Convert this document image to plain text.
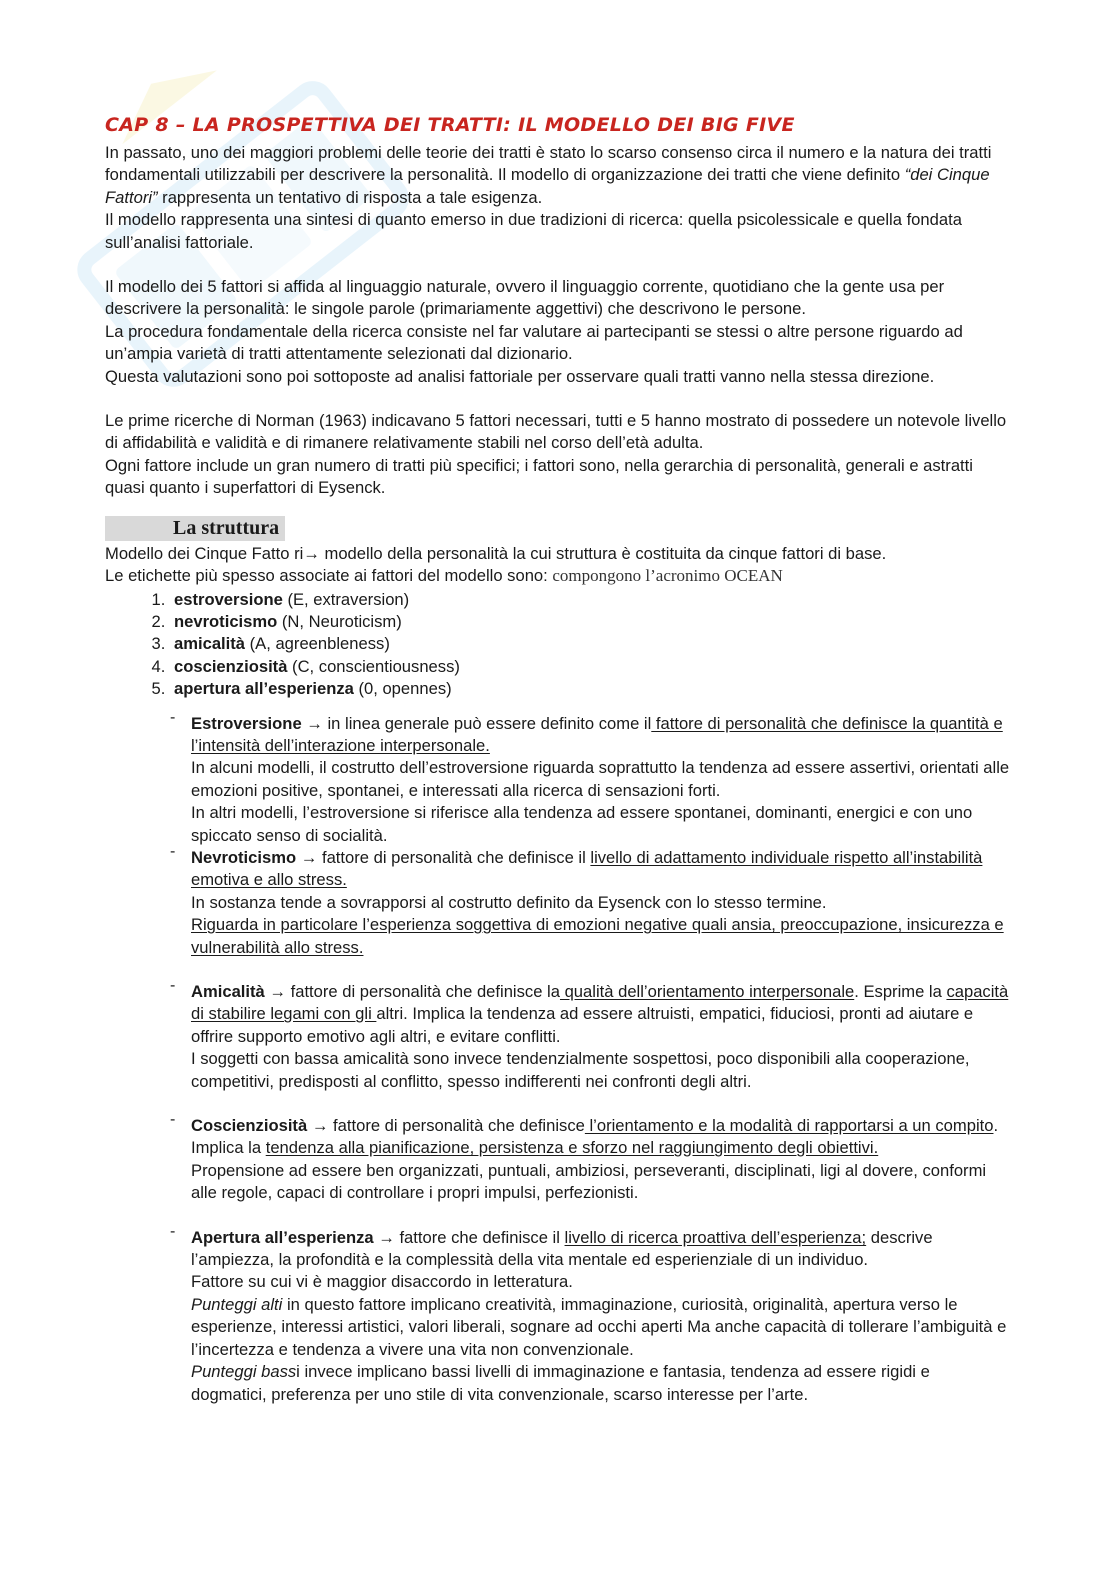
CAP 8 – LA PROSPETTIVA DEI TRATTI: IL MODELLO DEI BIG FIVE

In passato, uno dei maggiori problemi delle teorie dei tratti è stato lo scarso consenso circa il numero e la natura dei tratti fondamentali utilizzabili per descrivere la personalità. Il modello di organizzazione dei tratti che viene definito “dei Cinque Fattori” rappresenta un tentativo di risposta a tale esigenza.

Il modello rappresenta una sintesi di quanto emerso in due tradizioni di ricerca: quella psicolessicale e quella fondata sull’analisi fattoriale.

Il modello dei 5 fattori si affida al linguaggio naturale, ovvero il linguaggio corrente, quotidiano che la gente usa per descrivere la personalità: le singole parole (primariamente aggettivi) che descrivono le persone.

La procedura fondamentale della ricerca consiste nel far valutare ai partecipanti se stessi o altre persone riguardo ad un’ampia varietà di tratti attentamente selezionati dal dizionario.

Questa valutazioni sono poi sottoposte ad analisi fattoriale per osservare quali tratti vanno nella stessa direzione.

Le prime ricerche di Norman (1963) indicavano 5 fattori necessari, tutti e 5 hanno mostrato di possedere un notevole livello di affidabilità e validità e di rimanere relativamente stabili nel corso dell’età adulta.

Ogni fattore include un gran numero di tratti più specifici; i fattori sono, nella gerarchia di personalità, generali e astratti quasi quanto i superfattori di Eysenck.

La struttura

Modello dei Cinque Fatto ri→ modello della personalità la cui struttura è costituita da cinque fattori di base.

Le etichette più spesso associate ai fattori del modello sono: compongono l’acronimo OCEAN

1. estroversione (E, extraversion)
2. nevroticismo (N, Neuroticism)
3. amicalità (A, agreenbleness)
4. coscienziosità (C, conscientiousness)
5. apertura all’esperienza (0, opennes)

- Estroversione → in linea generale può essere definito come il fattore di personalità che definisce la quantità e l’intensità dell’interazione interpersonale.

In alcuni modelli, il costrutto dell’estroversione riguarda soprattutto la tendenza ad essere assertivi, orientati alle emozioni positive, spontanei, e interessati alla ricerca di sensazioni forti.

In altri modelli, l’estroversione si riferisce alla tendenza ad essere spontanei, dominanti, energici e con uno spiccato senso di socialità.

- Nevroticismo → fattore di personalità che definisce il livello di adattamento individuale rispetto all’instabilità emotiva e allo stress.

In sostanza tende a sovrapporsi al costrutto definito da Eysenck con lo stesso termine.

Riguarda in particolare l’esperienza soggettiva di emozioni negative quali ansia, preoccupazione, insicurezza e vulnerabilità allo stress.

- Amicalità → fattore di personalità che definisce la qualità dell’orientamento interpersonale. Esprime la capacità di stabilire legami con gli altri. Implica la tendenza ad essere altruisti, empatici, fiduciosi, pronti ad aiutare e offrire supporto emotivo agli altri, e evitare conflitti.

I soggetti con bassa amicalità sono invece tendenzialmente sospettosi, poco disponibili alla cooperazione, competitivi, predisposti al conflitto, spesso indifferenti nei confronti degli altri.

- Coscienziosità → fattore di personalità che definisce l’orientamento e la modalità di rapportarsi a un compito. Implica la tendenza alla pianificazione, persistenza e sforzo nel raggiungimento degli obiettivi.

Propensione ad essere ben organizzati, puntuali, ambiziosi, perseveranti, disciplinati, ligi al dovere, conformi alle regole, capaci di controllare i propri impulsi, perfezionisti.

- Apertura all’esperienza → fattore che definisce il livello di ricerca proattiva dell’esperienza; descrive l’ampiezza, la profondità e la complessità della vita mentale ed esperienziale di un individuo.

Fattore su cui vi è maggior disaccordo in letteratura.

Punteggi alti in questo fattore implicano creatività, immaginazione, curiosità, originalità, apertura verso le esperienze, interessi artistici, valori liberali, sognare ad occhi aperti Ma anche capacità di tollerare l’ambiguità e l’incertezza e tendenza a vivere una vita non convenzionale.

Punteggi bassi invece implicano bassi livelli di immaginazione e fantasia, tendenza ad essere rigidi e dogmatici, preferenza per uno stile di vita convenzionale, scarso interesse per l’arte.
